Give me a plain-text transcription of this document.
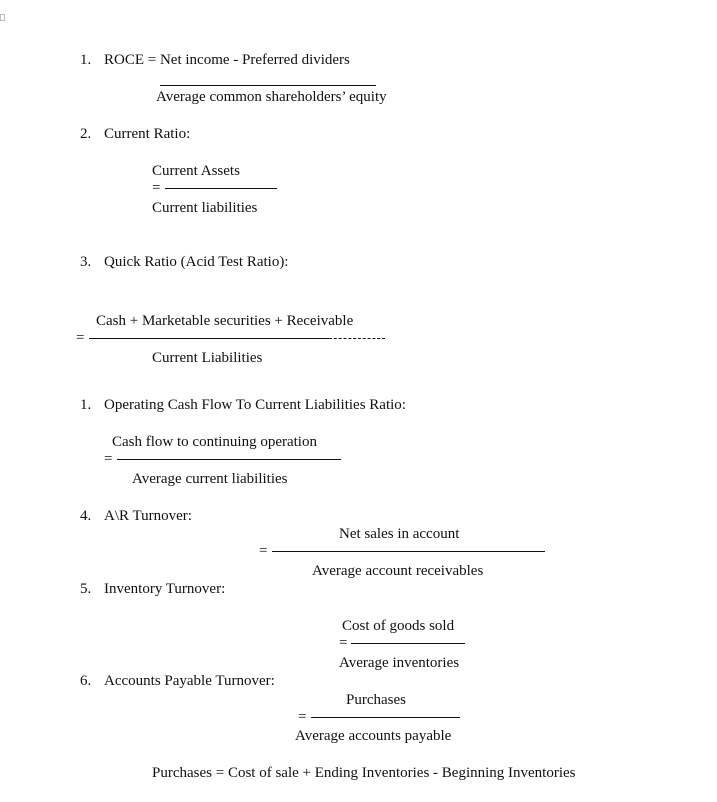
1. ROCE = Net income - Preferred dividers
Average common shareholders’ equity
2. Current Ratio:
Current Assets
=
Current liabilities
3. Quick Ratio (Acid Test Ratio):
Cash + Marketable securities + Receivable
=
Current Liabilities
1. Operating Cash Flow To Current Liabilities Ratio:
Cash flow to continuing operation
=
Average current liabilities
4. A\R Turnover:
Net sales in account
=
Average account receivables
5. Inventory Turnover:
Cost of goods sold
=
Average inventories
6. Accounts Payable Turnover:
Purchases
=
Average accounts payable
Purchases = Cost of sale + Ending Inventories - Beginning Inventories
